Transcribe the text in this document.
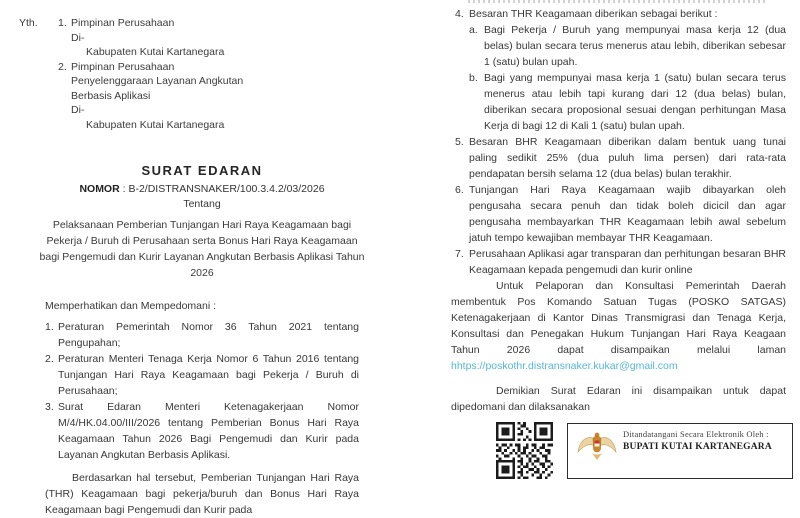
Yth.	1. Pimpinan Perusahaan
Di-
Kabupaten Kutai Kartanegara
2. Pimpinan Perusahaan
Penyelenggaraan Layanan Angkutan
Berbasis Aplikasi
Di-
Kabupaten Kutai Kartanegara
SURAT EDARAN
NOMOR : B-2/DISTRANSNAKER/100.3.4.2/03/2026
Tentang
Pelaksanaan Pemberian Tunjangan Hari Raya Keagamaan bagi Pekerja / Buruh di Perusahaan serta Bonus Hari Raya Keagamaan bagi Pengemudi dan Kurir Layanan Angkutan Berbasis Aplikasi Tahun 2026
Memperhatikan dan Mempedomani :
1. Peraturan Pemerintah Nomor 36 Tahun 2021 tentang Pengupahan;
2. Peraturan Menteri Tenaga Kerja Nomor 6 Tahun 2016 tentang Tunjangan Hari Raya Keagamaan bagi Pekerja / Buruh di Perusahaan;
3. Surat Edaran Menteri Ketenagakerjaan Nomor M/4/HK.04.00/III/2026 tentang Pemberian Bonus Hari Raya Keagamaan Tahun 2026 Bagi Pengemudi dan Kurir pada Layanan Angkutan Berbasis Aplikasi.
Berdasarkan hal tersebut, Pemberian Tunjangan Hari Raya (THR) Keagamaan bagi pekerja/buruh dan Bonus Hari Raya Keagamaan bagi Pengemudi dan Kurir pada
4. Besaran THR Keagamaan diberikan sebagai berikut :
a. Bagi Pekerja / Buruh yang mempunyai masa kerja 12 (dua belas) bulan secara terus menerus atau lebih, diberikan sebesar 1 (satu) bulan upah.
b. Bagi yang mempunyai masa kerja 1 (satu) bulan secara terus menerus atau lebih tapi kurang dari 12 (dua belas) bulan, diberikan secara proposional sesuai dengan perhitungan Masa Kerja di bagi 12 di Kali 1 (satu) bulan upah.
5. Besaran BHR Keagamaan diberikan dalam bentuk uang tunai paling sedikit 25% (dua puluh lima persen) dari rata-rata pendapatan bersih selama 12 (dua belas) bulan terakhir.
6. Tunjangan Hari Raya Keagamaan wajib dibayarkan oleh pengusaha secara penuh dan tidak boleh dicicil dan agar pengusaha membayarkan THR Keagamaan lebih awal sebelum jatuh tempo kewajiban membayar THR Keagamaan.
7. Perusahaan Aplikasi agar transparan dan perhitungan besaran BHR Keagamaan kepada pengemudi dan kurir online
Untuk Pelaporan dan Konsultasi Pemerintah Daerah membentuk Pos Komando Satuan Tugas (POSKO SATGAS) Ketenagakerjaan di Kantor Dinas Transmigrasi dan Tenaga Kerja, Konsultasi dan Penegakan Hukum Tunjangan Hari Raya Keagaan Tahun 2026 dapat disampaikan melalui laman
hhtps://poskothr.distransnaker.kukar@gmail.com
Demikian Surat Edaran ini disampaikan untuk dapat dipedomani dan dilaksanakan
Ditandatangani Secara Elektronik Oleh :
BUPATI KUTAI KARTANEGARA
